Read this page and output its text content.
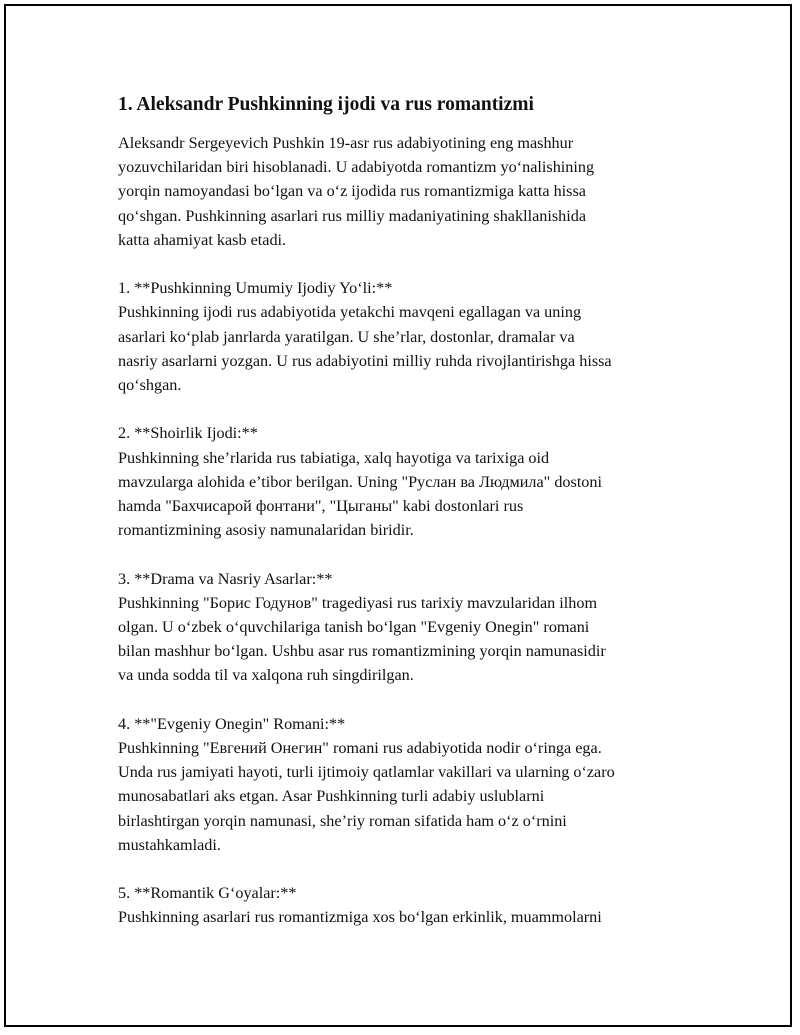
1. Aleksandr Pushkinning ijodi va rus romantizmi

Aleksandr Sergeyevich Pushkin 19-asr rus adabiyotining eng mashhur
yozuvchilaridan biri hisoblanadi. U adabiyotda romantizm yo‘nalishining
yorqin namoyandasi bo‘lgan va o‘z ijodida rus romantizmiga katta hissa
qo‘shgan. Pushkinning asarlari rus milliy madaniyatining shakllanishida
katta ahamiyat kasb etadi.

1. **Pushkinning Umumiy Ijodiy Yo‘li:**

Pushkinning ijodi rus adabiyotida yetakchi mavqeni egallagan va uning
asarlari ko‘plab janrlarda yaratilgan. U she’rlar, dostonlar, dramalar va
nasriy asarlarni yozgan. U rus adabiyotini milliy ruhda rivojlantirishga hissa
qo‘shgan.

2. **Shoirlik Ijodi:**

Pushkinning she’rlarida rus tabiatiga, xalq hayotiga va tarixiga oid
mavzularga alohida e’tibor berilgan. Uning "Руслан ва Людмила" dostoni
hamda "Бахчисарой фонтани", "Цыганы" kabi dostonlari rus
romantizmining asosiy namunalaridan biridir.

3. **Drama va Nasriy Asarlar:**

Pushkinning "Борис Годунов" tragediyasi rus tarixiy mavzularidan ilhom
olgan. U o‘zbek o‘quvchilariga tanish bo‘lgan "Evgeniy Onegin" romani
bilan mashhur bo‘lgan. Ushbu asar rus romantizmining yorqin namunasidir
va unda sodda til va xalqona ruh singdirilgan.

4. **"Evgeniy Onegin" Romani:**

Pushkinning "Евгений Онегин" romani rus adabiyotida nodir o‘ringa ega.
Unda rus jamiyati hayoti, turli ijtimoiy qatlamlar vakillari va ularning o‘zaro
munosabatlari aks etgan. Asar Pushkinning turli adabiy uslublarni
birlashtirgan yorqin namunasi, she’riy roman sifatida ham o‘z o‘rnini
mustahkamladi.

5. **Romantik G‘oyalar:**

Pushkinning asarlari rus romantizmiga xos bo‘lgan erkinlik, muammolarni
